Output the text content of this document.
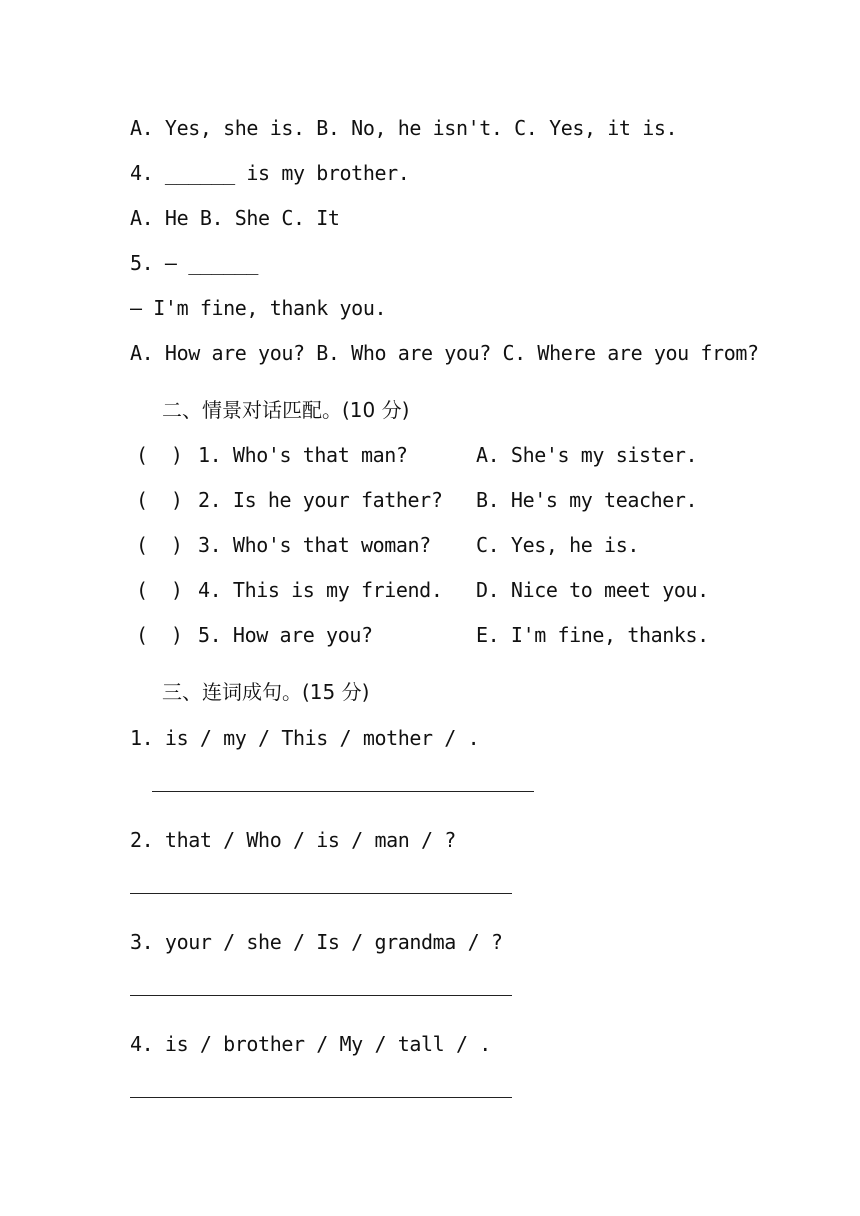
A. Yes, she is. B. No, he isn't. C. Yes, it is.
4. ______ is my brother.
A. He B. She C. It
5. — ______
— I'm fine, thank you.
A. How are you? B. Who are you? C. Where are you from?
二、情景对话匹配。(10 分)
(  ) 1. Who's that man?	A. She's my sister.
(  ) 2. Is he your father? B. He's my teacher.
(  ) 3. Who's that woman? C. Yes, he is.
(  ) 4. This is my friend. D. Nice to meet you.
(  ) 5. How are you?	E. I'm fine, thanks.
三、连词成句。(15 分)
1. is / my / This / mother / .
2. that / Who / is / man / ?
3. your / she / Is / grandma / ?
4. is / brother / My / tall / .
